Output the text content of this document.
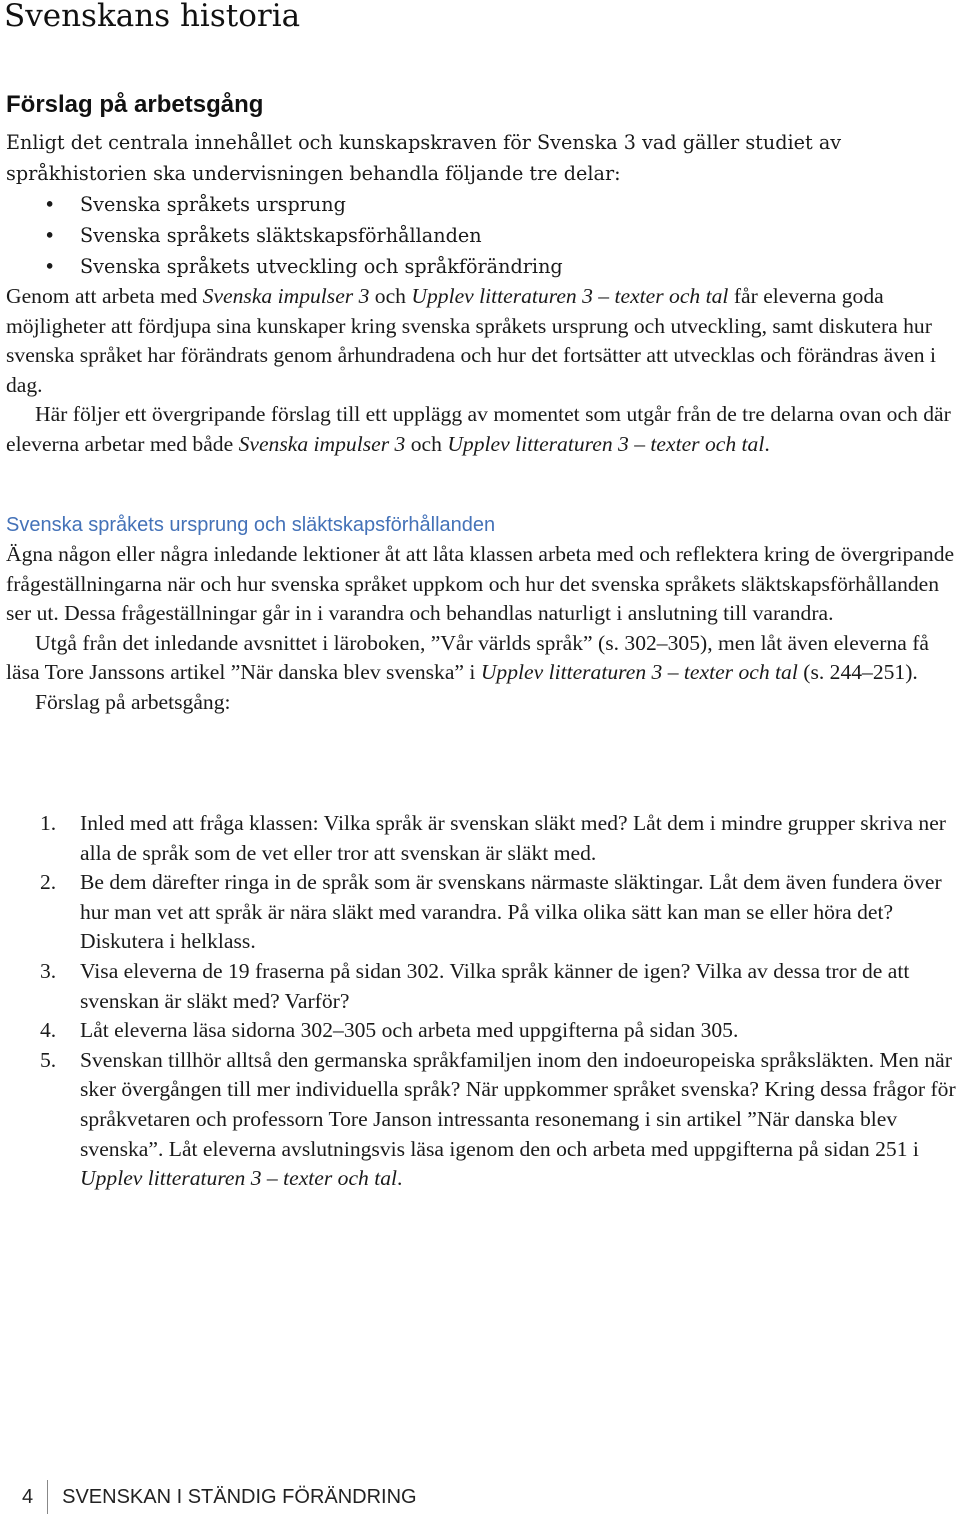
Svenskans historia
Förslag på arbetsgång

Enligt det centrala innehållet och kunskapskraven för Svenska 3 vad gäller studiet av språkhistorien ska undervisningen behandla följande tre delar:

• Svenska språkets ursprung
• Svenska språkets släktskapsförhållanden
• Svenska språkets utveckling och språkförändring

Genom att arbeta med Svenska impulser 3 och Upplev litteraturen 3 – texter och tal får eleverna goda möjligheter att fördjupa sina kunskaper kring svenska språkets ursprung och utveckling, samt diskutera hur svenska språket har förändrats genom århundradena och hur det fortsätter att utvecklas och förändras även i dag.

Här följer ett övergripande förslag till ett upplägg av momentet som utgår från de tre delarna ovan och där eleverna arbetar med både Svenska impulser 3 och Upplev litteraturen 3 – texter och tal.

Svenska språkets ursprung och släktskapsförhållanden

Ägna någon eller några inledande lektioner åt att låta klassen arbeta med och reflektera kring de övergripande frågeställningarna när och hur svenska språket uppkom och hur det svenska språkets släktskapsförhållanden ser ut. Dessa frågeställningar går in i varandra och behandlas naturligt i anslutning till varandra.

Utgå från det inledande avsnittet i läroboken, ”Vår världs språk” (s. 302–305), men låt även eleverna få läsa Tore Janssons artikel ”När danska blev svenska” i Upplev litteraturen 3 – texter och tal (s. 244–251).

Förslag på arbetsgång:

1. Inled med att fråga klassen: Vilka språk är svenskan släkt med? Låt dem i mindre grupper skriva ner alla de språk som de vet eller tror att svenskan är släkt med.
2. Be dem därefter ringa in de språk som är svenskans närmaste släktingar. Låt dem även fundera över hur man vet att språk är nära släkt med varandra. På vilka olika sätt kan man se eller höra det? Diskutera i helklass.
3. Visa eleverna de 19 fraserna på sidan 302. Vilka språk känner de igen? Vilka av dessa tror de att svenskan är släkt med? Varför?
4. Låt eleverna läsa sidorna 302–305 och arbeta med uppgifterna på sidan 305.
5. Svenskan tillhör alltså den germanska språkfamiljen inom den indoeuropeiska språksläkten. Men när sker övergången till mer individuella språk? När uppkommer språket svenska? Kring dessa frågor för språkvetaren och professorn Tore Janson intressanta resonemang i sin artikel ”När danska blev svenska”. Låt eleverna avslutningsvis läsa igenom den och arbeta med uppgifterna på sidan 251 i Upplev litteraturen 3 – texter och tal.
4 SVENSKAN I STÄNDIG FÖRÄNDRING
